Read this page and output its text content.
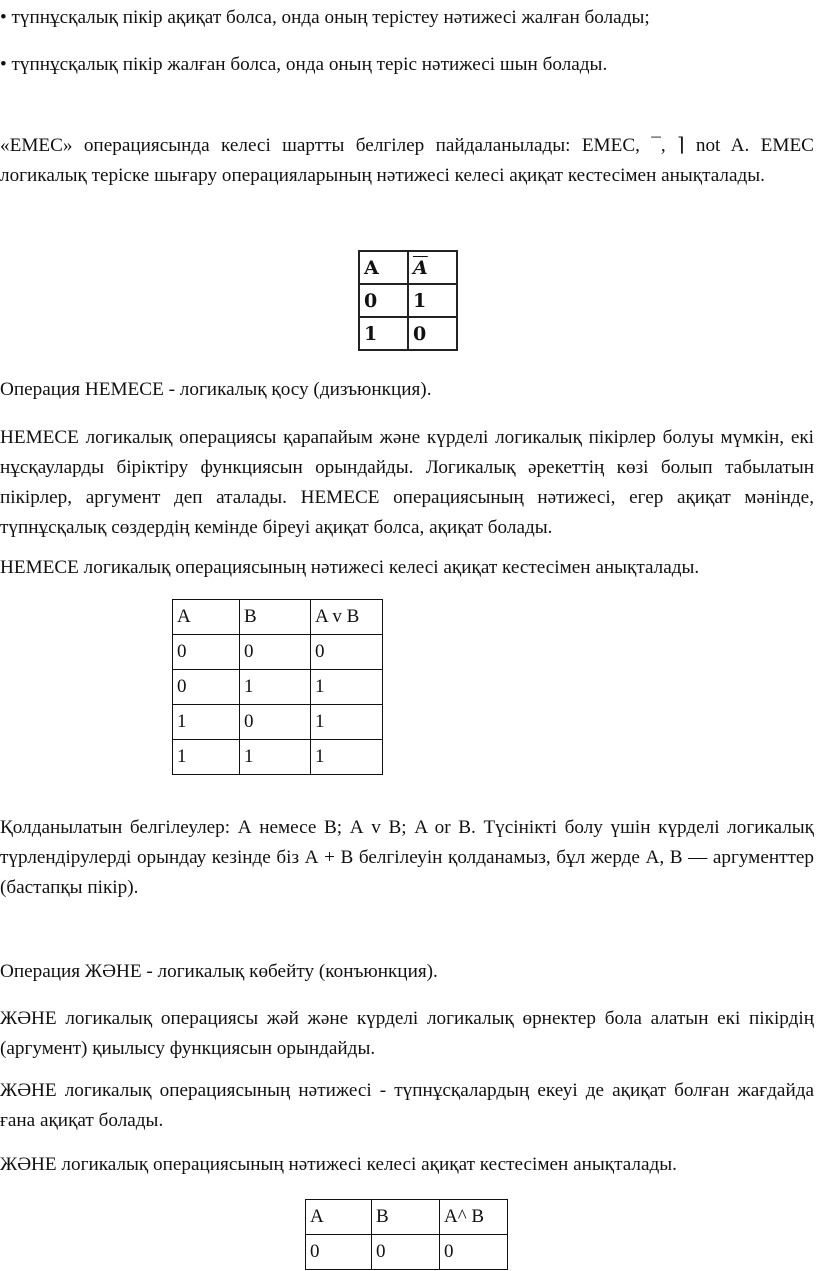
• түпнұсқалық пікір ақиқат болса, онда оның терістеу нәтижесі жалған болады;

• түпнұсқалық пікір жалған болса, онда оның теріс нәтижесі шын болады.

«ЕМЕС» операциясында келесі шартты белгілер пайдаланылады: ЕМЕС, ¯, ⌉ not A. ЕМЕС логикалық теріске шығару операцияларының нәтижесі келесі ақиқат кестесімен анықталады.

A	$\overline{A}$
0	1
1	0

Операция НЕМЕСЕ - логикалық қосу (дизъюнкция).

НЕМЕСЕ логикалық операциясы қарапайым және күрделі логикалық пікірлер болуы мүмкін, екі нұсқауларды біріктіру функциясын орындайды. Логикалық әрекеттің көзі болып табылатын пікірлер, аргумент деп аталады. НЕМЕСЕ операциясының нәтижесі, егер ақиқат мәнінде, түпнұсқалық сөздердің кемінде біреуі ақиқат болса, ақиқат болады.

НЕМЕСЕ логикалық операциясының нәтижесі келесі ақиқат кестесімен анықталады.

A	B	A v B
0	0	0
0	1	1
1	0	1
1	1	1

Қолданылатын белгілеулер: А немесе В; А v В; A or B. Түсінікті болу үшін күрделі логикалық түрлендірулерді орындау кезінде біз А + В белгілеуін қолданамыз, бұл жерде А, В — аргументтер (бастапқы пікір).

Операция ЖӘНЕ - логикалық көбейту (конъюнкция).

ЖӘНЕ логикалық операциясы жәй және күрделі логикалық өрнектер бола алатын екі пікірдің (аргумент) қиылысу функциясын орындайды.

ЖӘНЕ логикалық операциясының нәтижесі - түпнұсқалардың екеуі де ақиқат болған жағдайда ғана ақиқат болады.

ЖӘНЕ логикалық операциясының нәтижесі келесі ақиқат кестесімен анықталады.

A	B	A^ B
0	0	0
